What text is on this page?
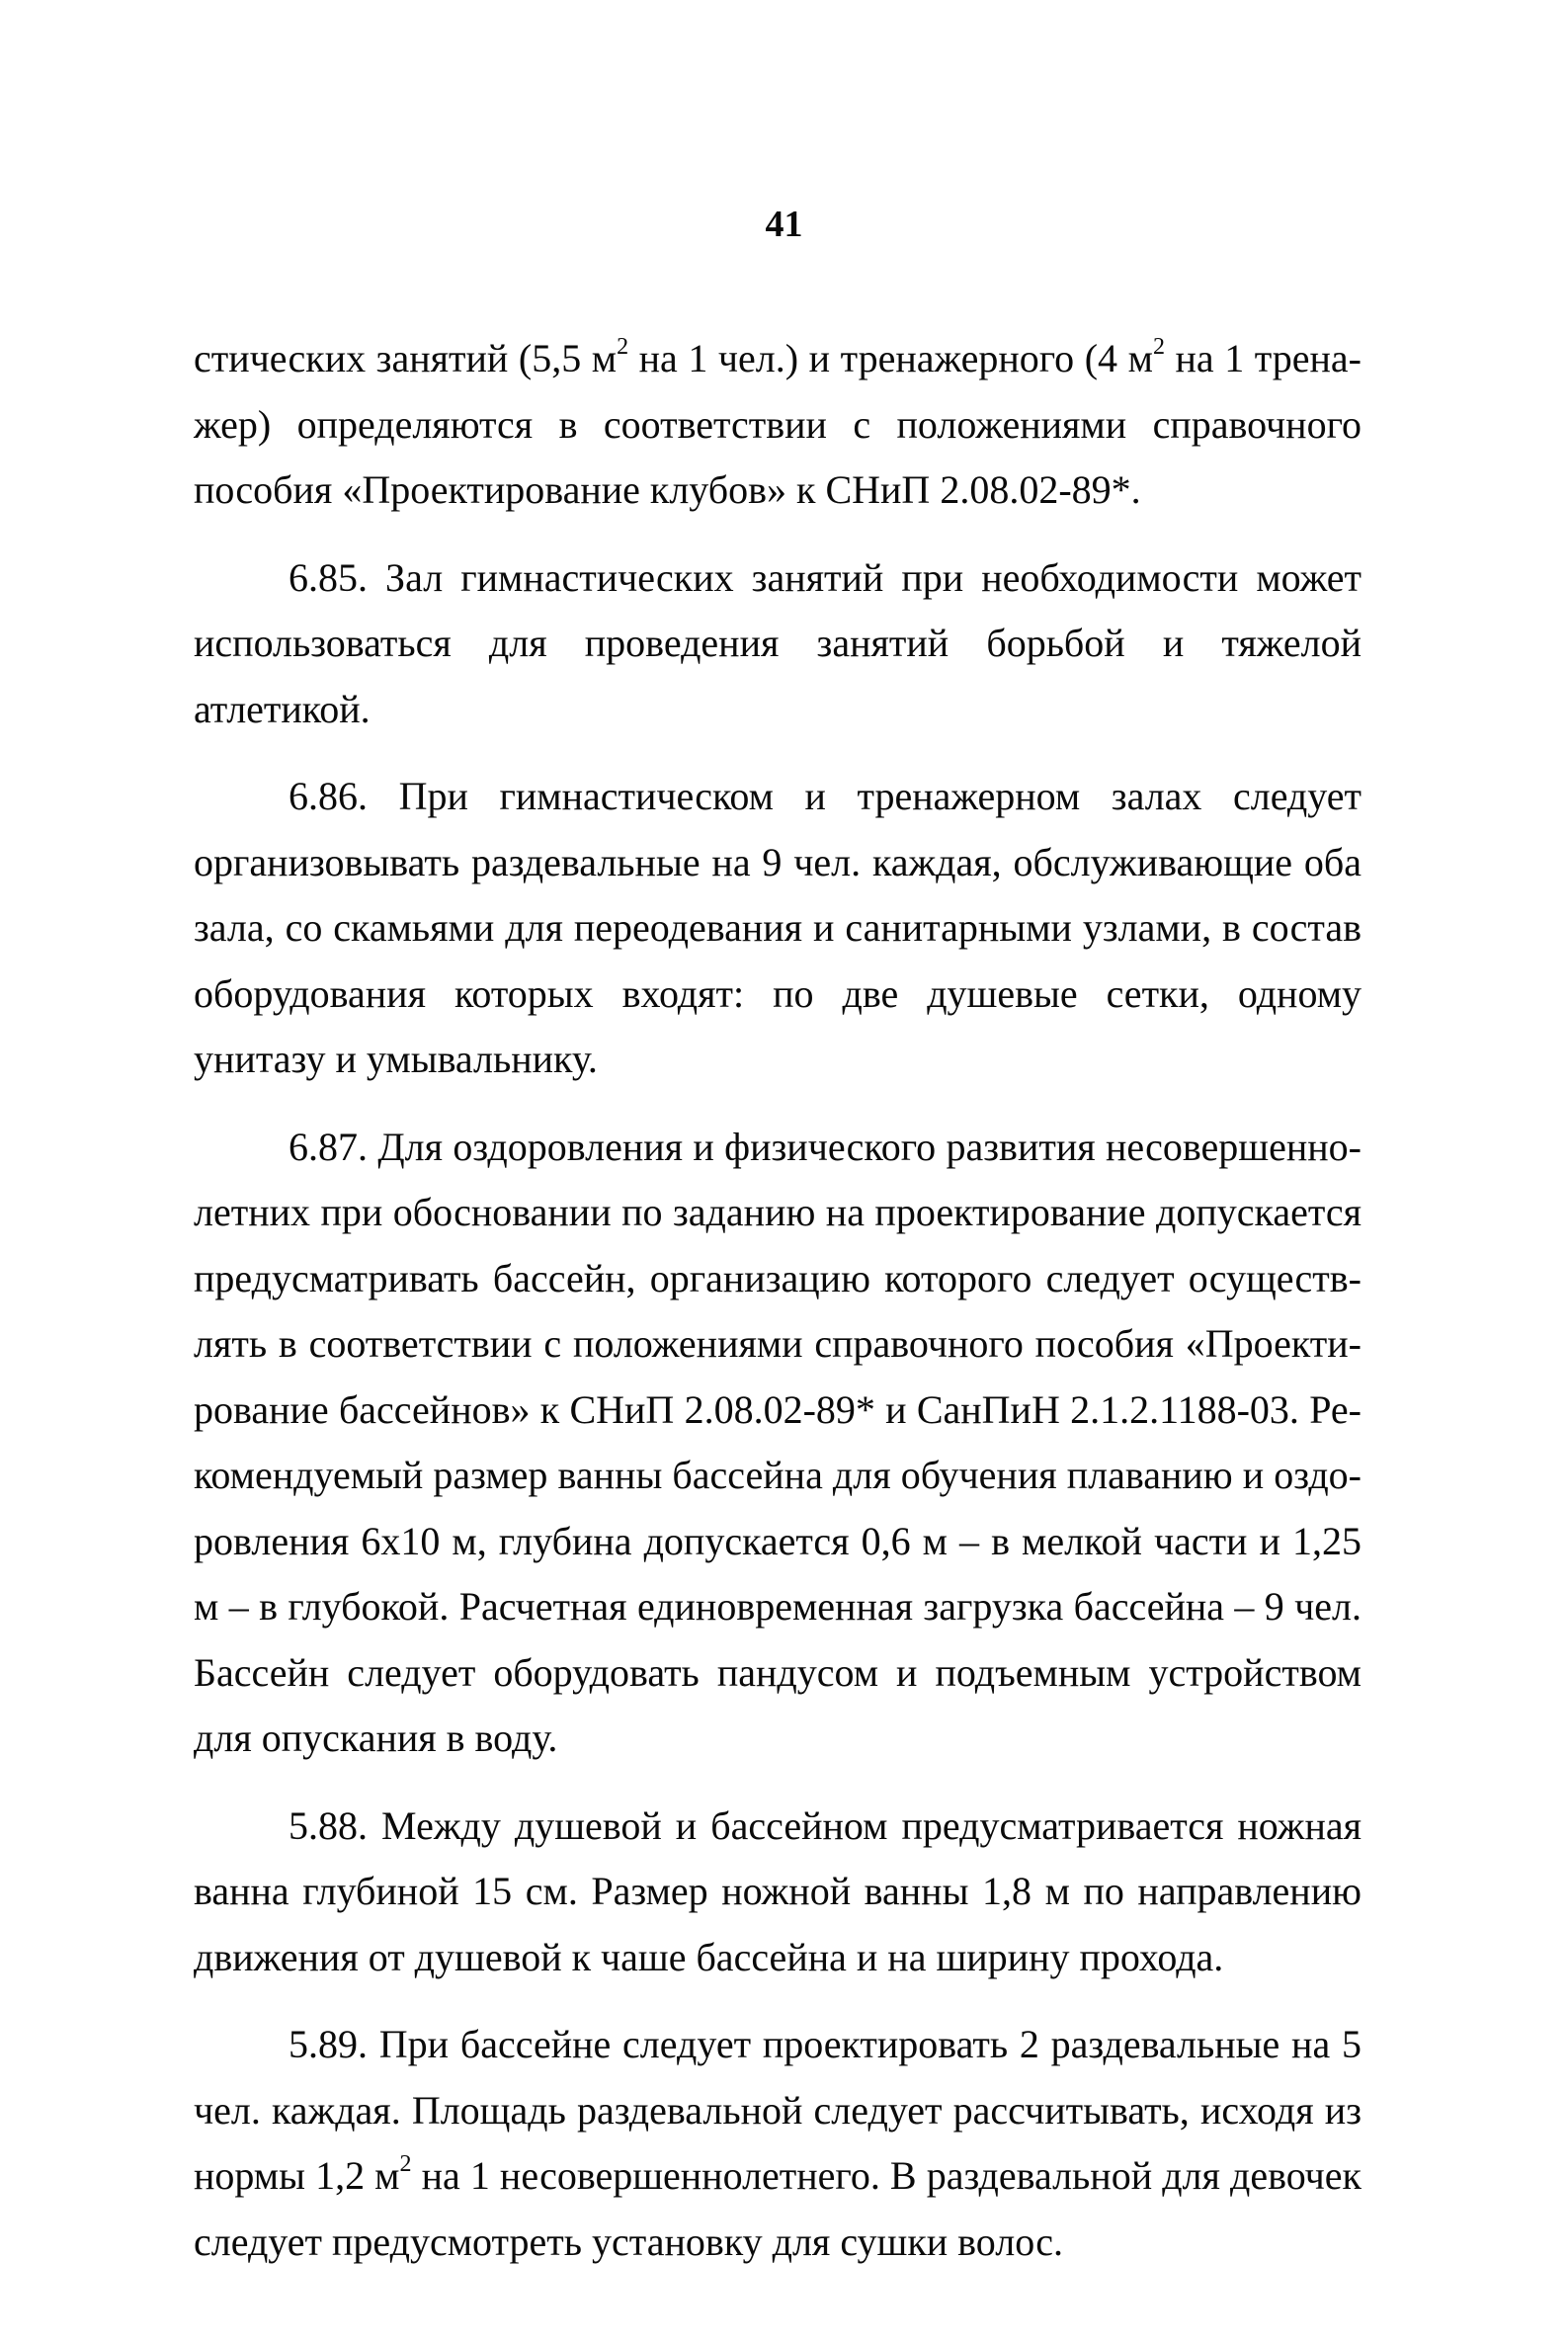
41

стических занятий (5,5 $м^2$ на 1 чел.) и тренажерного (4 $м^2$ на 1 тренажер) определяются в соответствии с положениями справочного пособия «Проектирование клубов» к СНиП 2.08.02-89*.

6.85. Зал гимнастических занятий при необходимости может использоваться для проведения занятий борьбой и тяжелой атлетикой.

6.86. При гимнастическом и тренажерном залах следует организовывать раздевальные на 9 чел. каждая, обслуживающие оба зала, со скамьями для переодевания и санитарными узлами, в состав оборудования которых входят: по две душевые сетки, одному унитазу и умывальнику.

6.87. Для оздоровления и физического развития несовершеннолетних при обосновании по заданию на проектирование допускается предусматривать бассейн, организацию которого следует осуществлять в соответствии с положениями справочного пособия «Проектирование бассейнов» к СНиП 2.08.02-89* и СанПиН 2.1.2.1188-03. Рекомендуемый размер ванны бассейна для обучения плаванию и оздоровления 6х10 м, глубина допускается 0,6 м – в мелкой части и 1,25 м – в глубокой. Расчетная единовременная загрузка бассейна – 9 чел. Бассейн следует оборудовать пандусом и подъемным устройством для опускания в воду.

5.88. Между душевой и бассейном предусматривается ножная ванна глубиной 15 см. Размер ножной ванны 1,8 м по направлению движения от душевой к чаше бассейна и на ширину прохода.

5.89. При бассейне следует проектировать 2 раздевальные на 5 чел. каждая. Площадь раздевальной следует рассчитывать, исходя из нормы 1,2 $м^2$ на 1 несовершеннолетнего. В раздевальной для девочек следует предусмотреть установку для сушки волос.
